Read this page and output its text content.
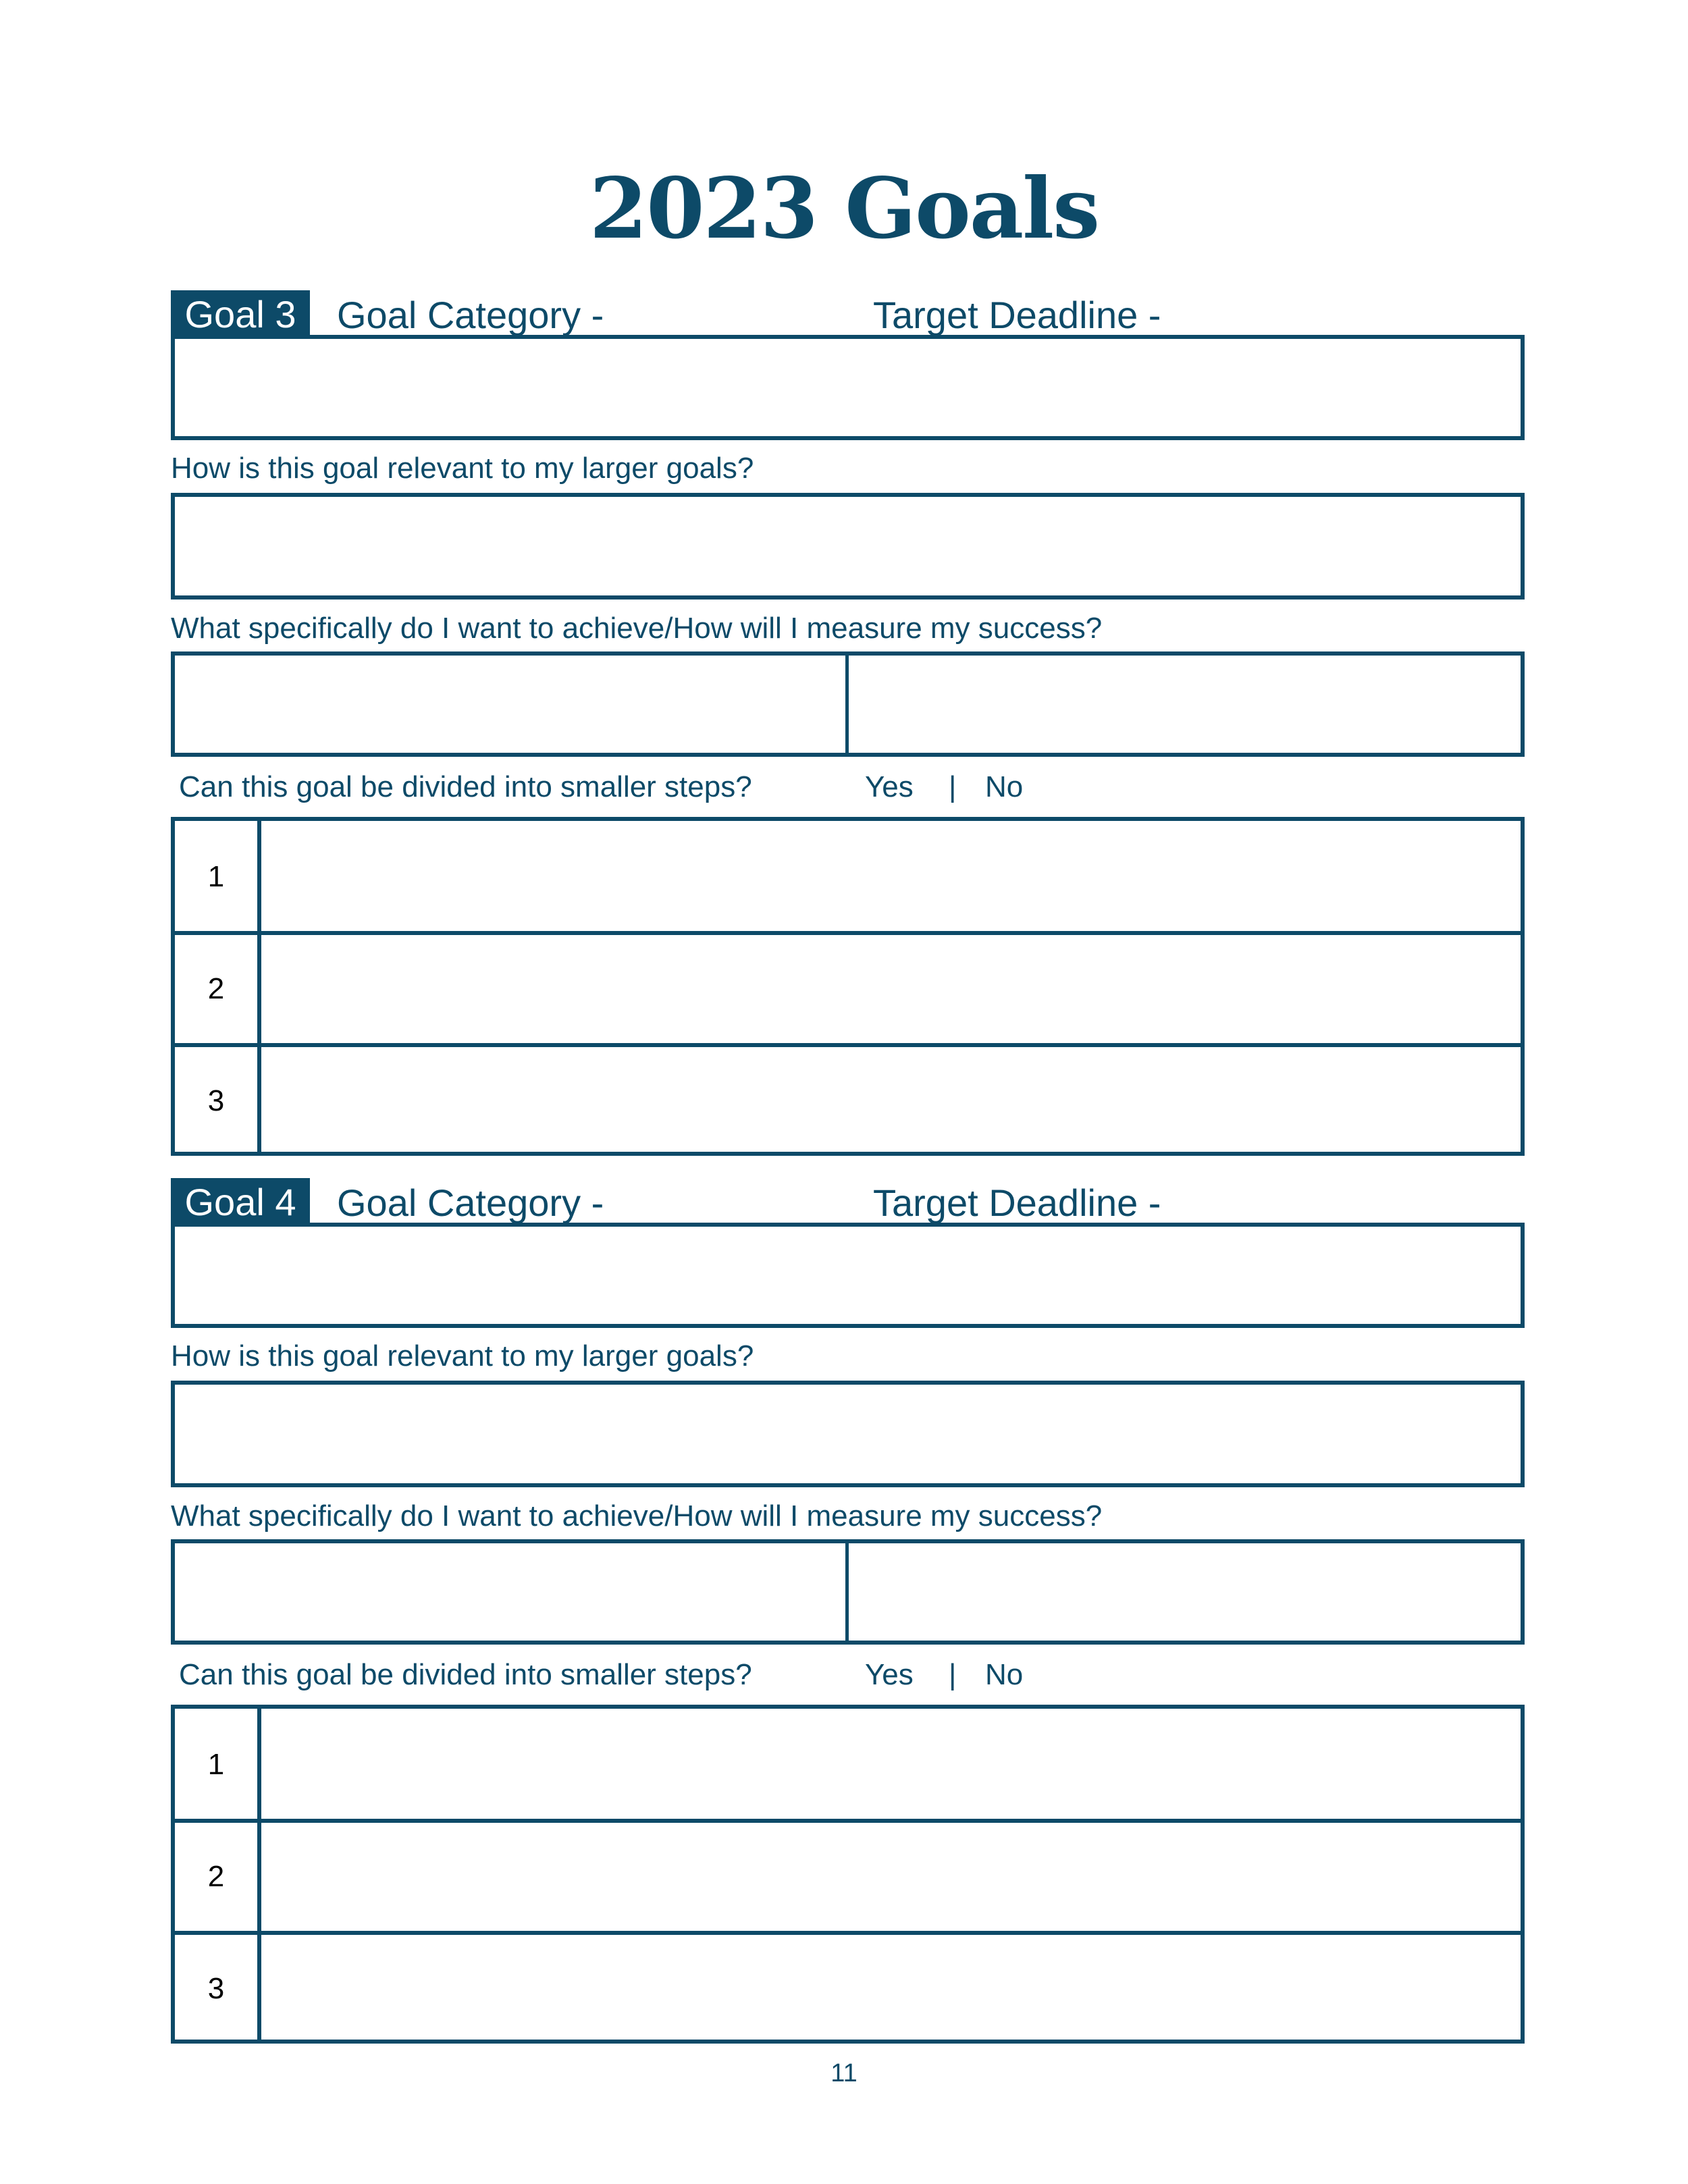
2023 Goals
Goal 3	Goal Category -	Target Deadline -
How is this goal relevant to my larger goals?
What specifically do I want to achieve/How will I measure my success?
Can this goal be divided into smaller steps?	Yes | No
1
2
3
Goal 4	Goal Category -	Target Deadline -
How is this goal relevant to my larger goals?
What specifically do I want to achieve/How will I measure my success?
Can this goal be divided into smaller steps?	Yes | No
1
2
3
11
